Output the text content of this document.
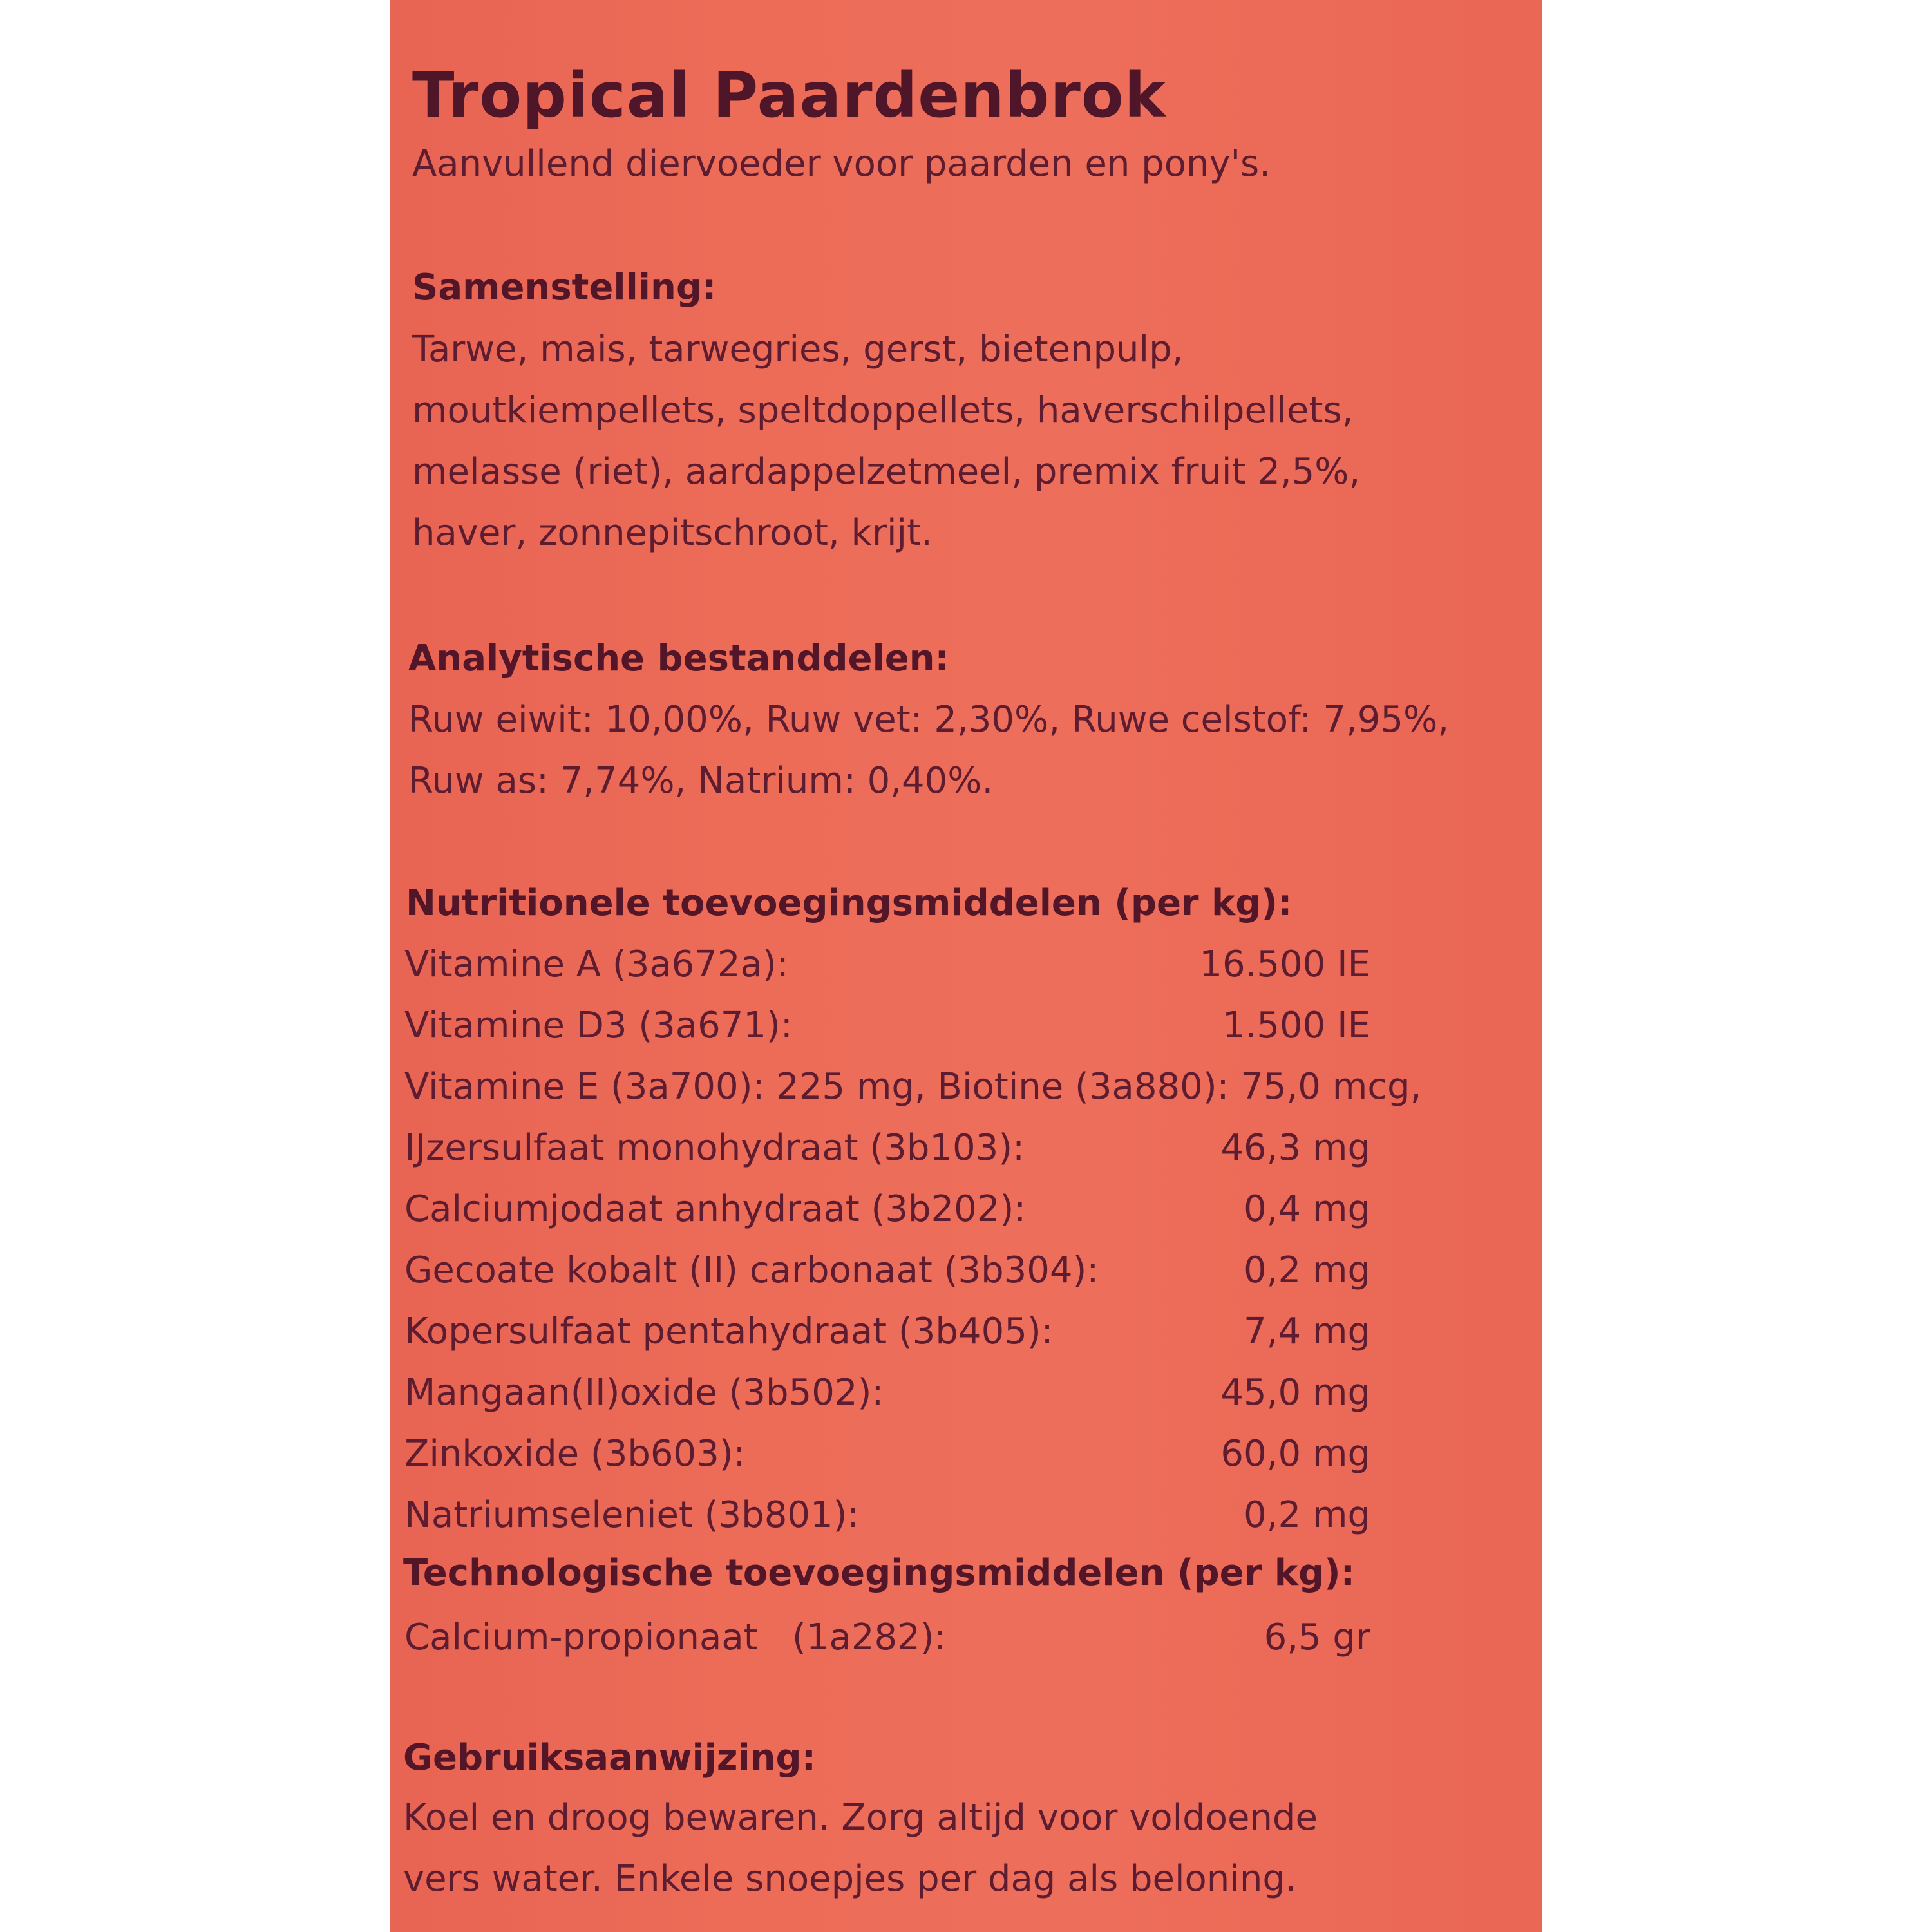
Tropical Paardenbrok

Aanvullend diervoeder voor paarden en pony's.

Samenstelling:

Tarwe, mais, tarwegries, gerst, bietenpulp,

moutkiempellets, speltdoppellets, haverschilpellets,

melasse (riet), aardappelzetmeel, premix fruit 2,5%,

haver, zonnepitschroot, krijt.

Analytische bestanddelen:

Ruw eiwit: 10,00%, Ruw vet: 2,30%, Ruwe celstof: 7,95%,

Ruw as: 7,74%, Natrium: 0,40%.

Nutritionele toevoegingsmiddelen (per kg):
Vitamine A (3a672a):	16.500 IE
Vitamine D3 (3a671):	1.500 IE
Vitamine E (3a700): 225 mg, Biotine (3a880): 75,0 mcg,
IJzersulfaat monohydraat (3b103):	46,3 mg
Calciumjodaat anhydraat (3b202):	0,4 mg
Gecoate kobalt (II) carbonaat (3b304):	0,2 mg
Kopersulfaat pentahydraat (3b405):	7,4 mg
Mangaan(II)oxide (3b502):	45,0 mg
Zinkoxide (3b603):	60,0 mg
Natriumseleniet (3b801):	0,2 mg
Technologische toevoegingsmiddelen (per kg):
Calcium-propionaat   (1a282):	6,5 gr
Gebruiksaanwijzing:

Koel en droog bewaren. Zorg altijd voor voldoende

vers water. Enkele snoepjes per dag als beloning.
